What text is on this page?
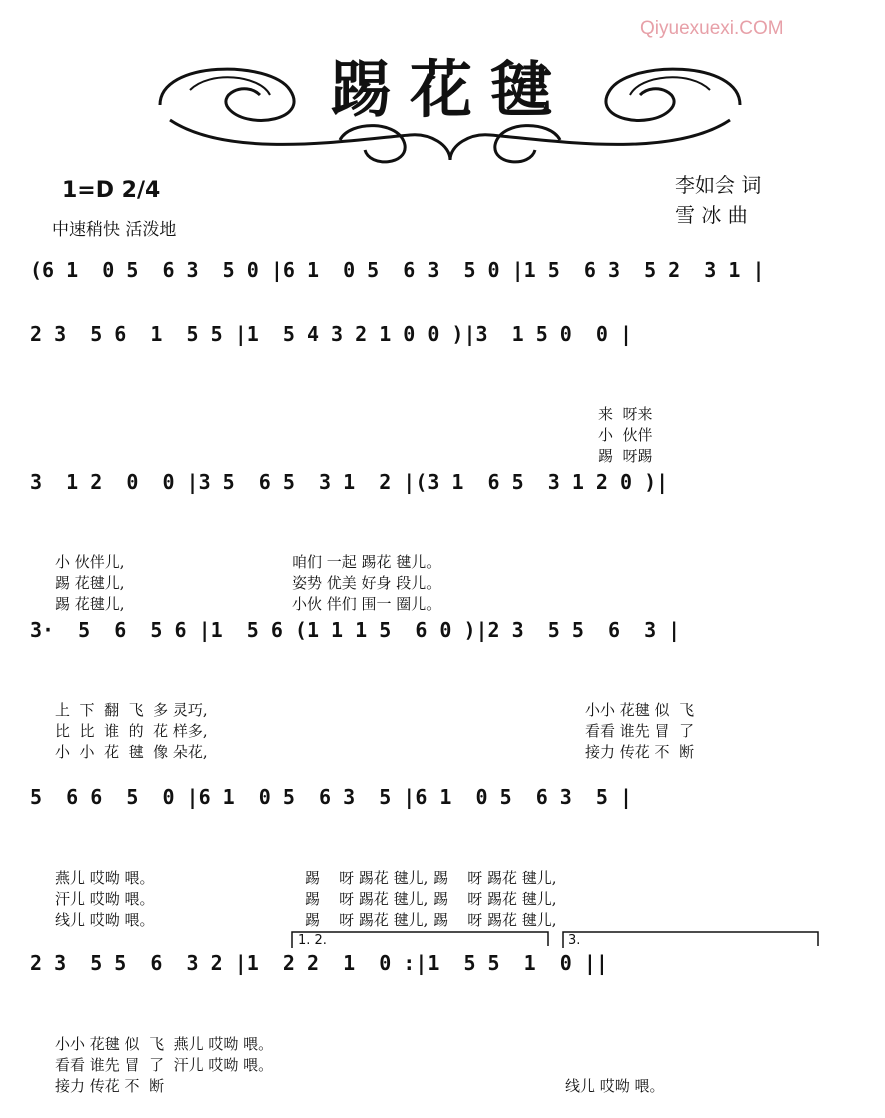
Qiyuexuexi.COM
踢花毽
1=D 2/4
中速稍快 活泼地
李如会 词
雪 冰 曲
(6 1  0 5  6 3  5 0 |6 1  0 5  6 3  5 0 |1 5  6 3  5 2  3 1 |
2 3  5 6  1  5 5 |1  5 4 3 2 1 0 0 )|3  1 5 0  0 |
3  1 2  0  0 |3 5  6 5  3 1  2 |(3 1  6 5  3 1 2 0 )|
3·  5  6  5 6 |1  5 6 (1 1 1 5  6 0 )|2 3  5 5  6  3 |
5  6 6  5  0 |6 1  0 5  6 3  5 |6 1  0 5  6 3  5 |
2 3  5 5  6  3 2 |1  2 2  1  0 :|1  5 5  1  0 ||
1. 2.	3.

来  呀来
小  伙伴
踢  呀踢

小 伙伴儿,
踢 花毽儿,
踢 花毽儿,

咱们 一起 踢花 毽儿。
姿势 优美 好身 段儿。
小伙 伴们 围一 圈儿。

上  下  翻  飞  多 灵巧,
比  比  谁  的  花 样多,
小  小  花  毽  像 朵花,

小小 花毽 似  飞
看看 谁先 冒  了
接力 传花 不  断

燕儿 哎呦 喂。
汗儿 哎呦 喂。
线儿 哎呦 喂。

踢    呀 踢花 毽儿, 踢    呀 踢花 毽儿,
踢    呀 踢花 毽儿, 踢    呀 踢花 毽儿,
踢    呀 踢花 毽儿, 踢    呀 踢花 毽儿,

小小 花毽 似  飞  燕儿 哎呦 喂。
看看 谁先 冒  了  汗儿 哎呦 喂。
接力 传花 不  断

	线儿 哎呦 喂。
